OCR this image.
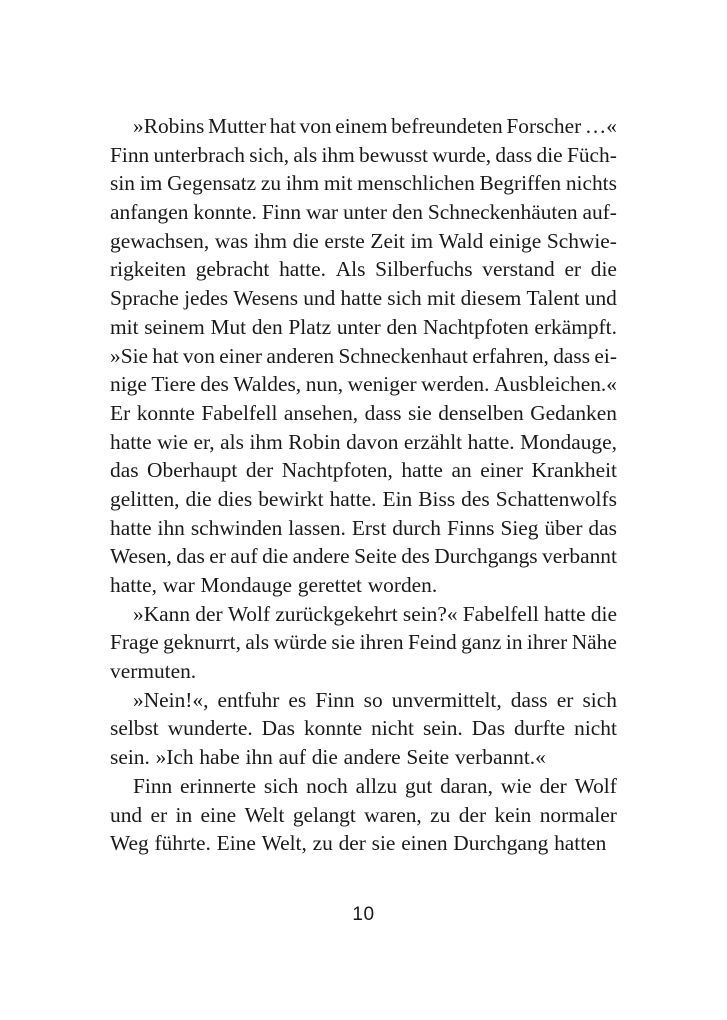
»Robins Mutter hat von einem befreundeten Forscher …«
Finn unterbrach sich, als ihm bewusst wurde, dass die Füch-
sin im Gegensatz zu ihm mit menschlichen Begriffen nichts
anfangen konnte. Finn war unter den Schneckenhäuten auf-
gewachsen, was ihm die erste Zeit im Wald einige Schwie-
rigkeiten gebracht hatte. Als Silberfuchs verstand er die
Sprache jedes Wesens und hatte sich mit diesem Talent und
mit seinem Mut den Platz unter den Nachtpfoten erkämpft.
»Sie hat von einer anderen Schneckenhaut erfahren, dass ei-
nige Tiere des Waldes, nun, weniger werden. Ausbleichen.«
Er konnte Fabelfell ansehen, dass sie denselben Gedanken
hatte wie er, als ihm Robin davon erzählt hatte. Mondauge,
das Oberhaupt der Nachtpfoten, hatte an einer Krankheit
gelitten, die dies bewirkt hatte. Ein Biss des Schattenwolfs
hatte ihn schwinden lassen. Erst durch Finns Sieg über das
Wesen, das er auf die andere Seite des Durchgangs verbannt
hatte, war Mondauge gerettet worden.
»Kann der Wolf zurückgekehrt sein?« Fabelfell hatte die
Frage geknurrt, als würde sie ihren Feind ganz in ihrer Nähe
vermuten.
»Nein!«, entfuhr es Finn so unvermittelt, dass er sich
selbst wunderte. Das konnte nicht sein. Das durfte nicht
sein. »Ich habe ihn auf die andere Seite verbannt.«
Finn erinnerte sich noch allzu gut daran, wie der Wolf
und er in eine Welt gelangt waren, zu der kein normaler
Weg führte. Eine Welt, zu der sie einen Durchgang hatten
10
